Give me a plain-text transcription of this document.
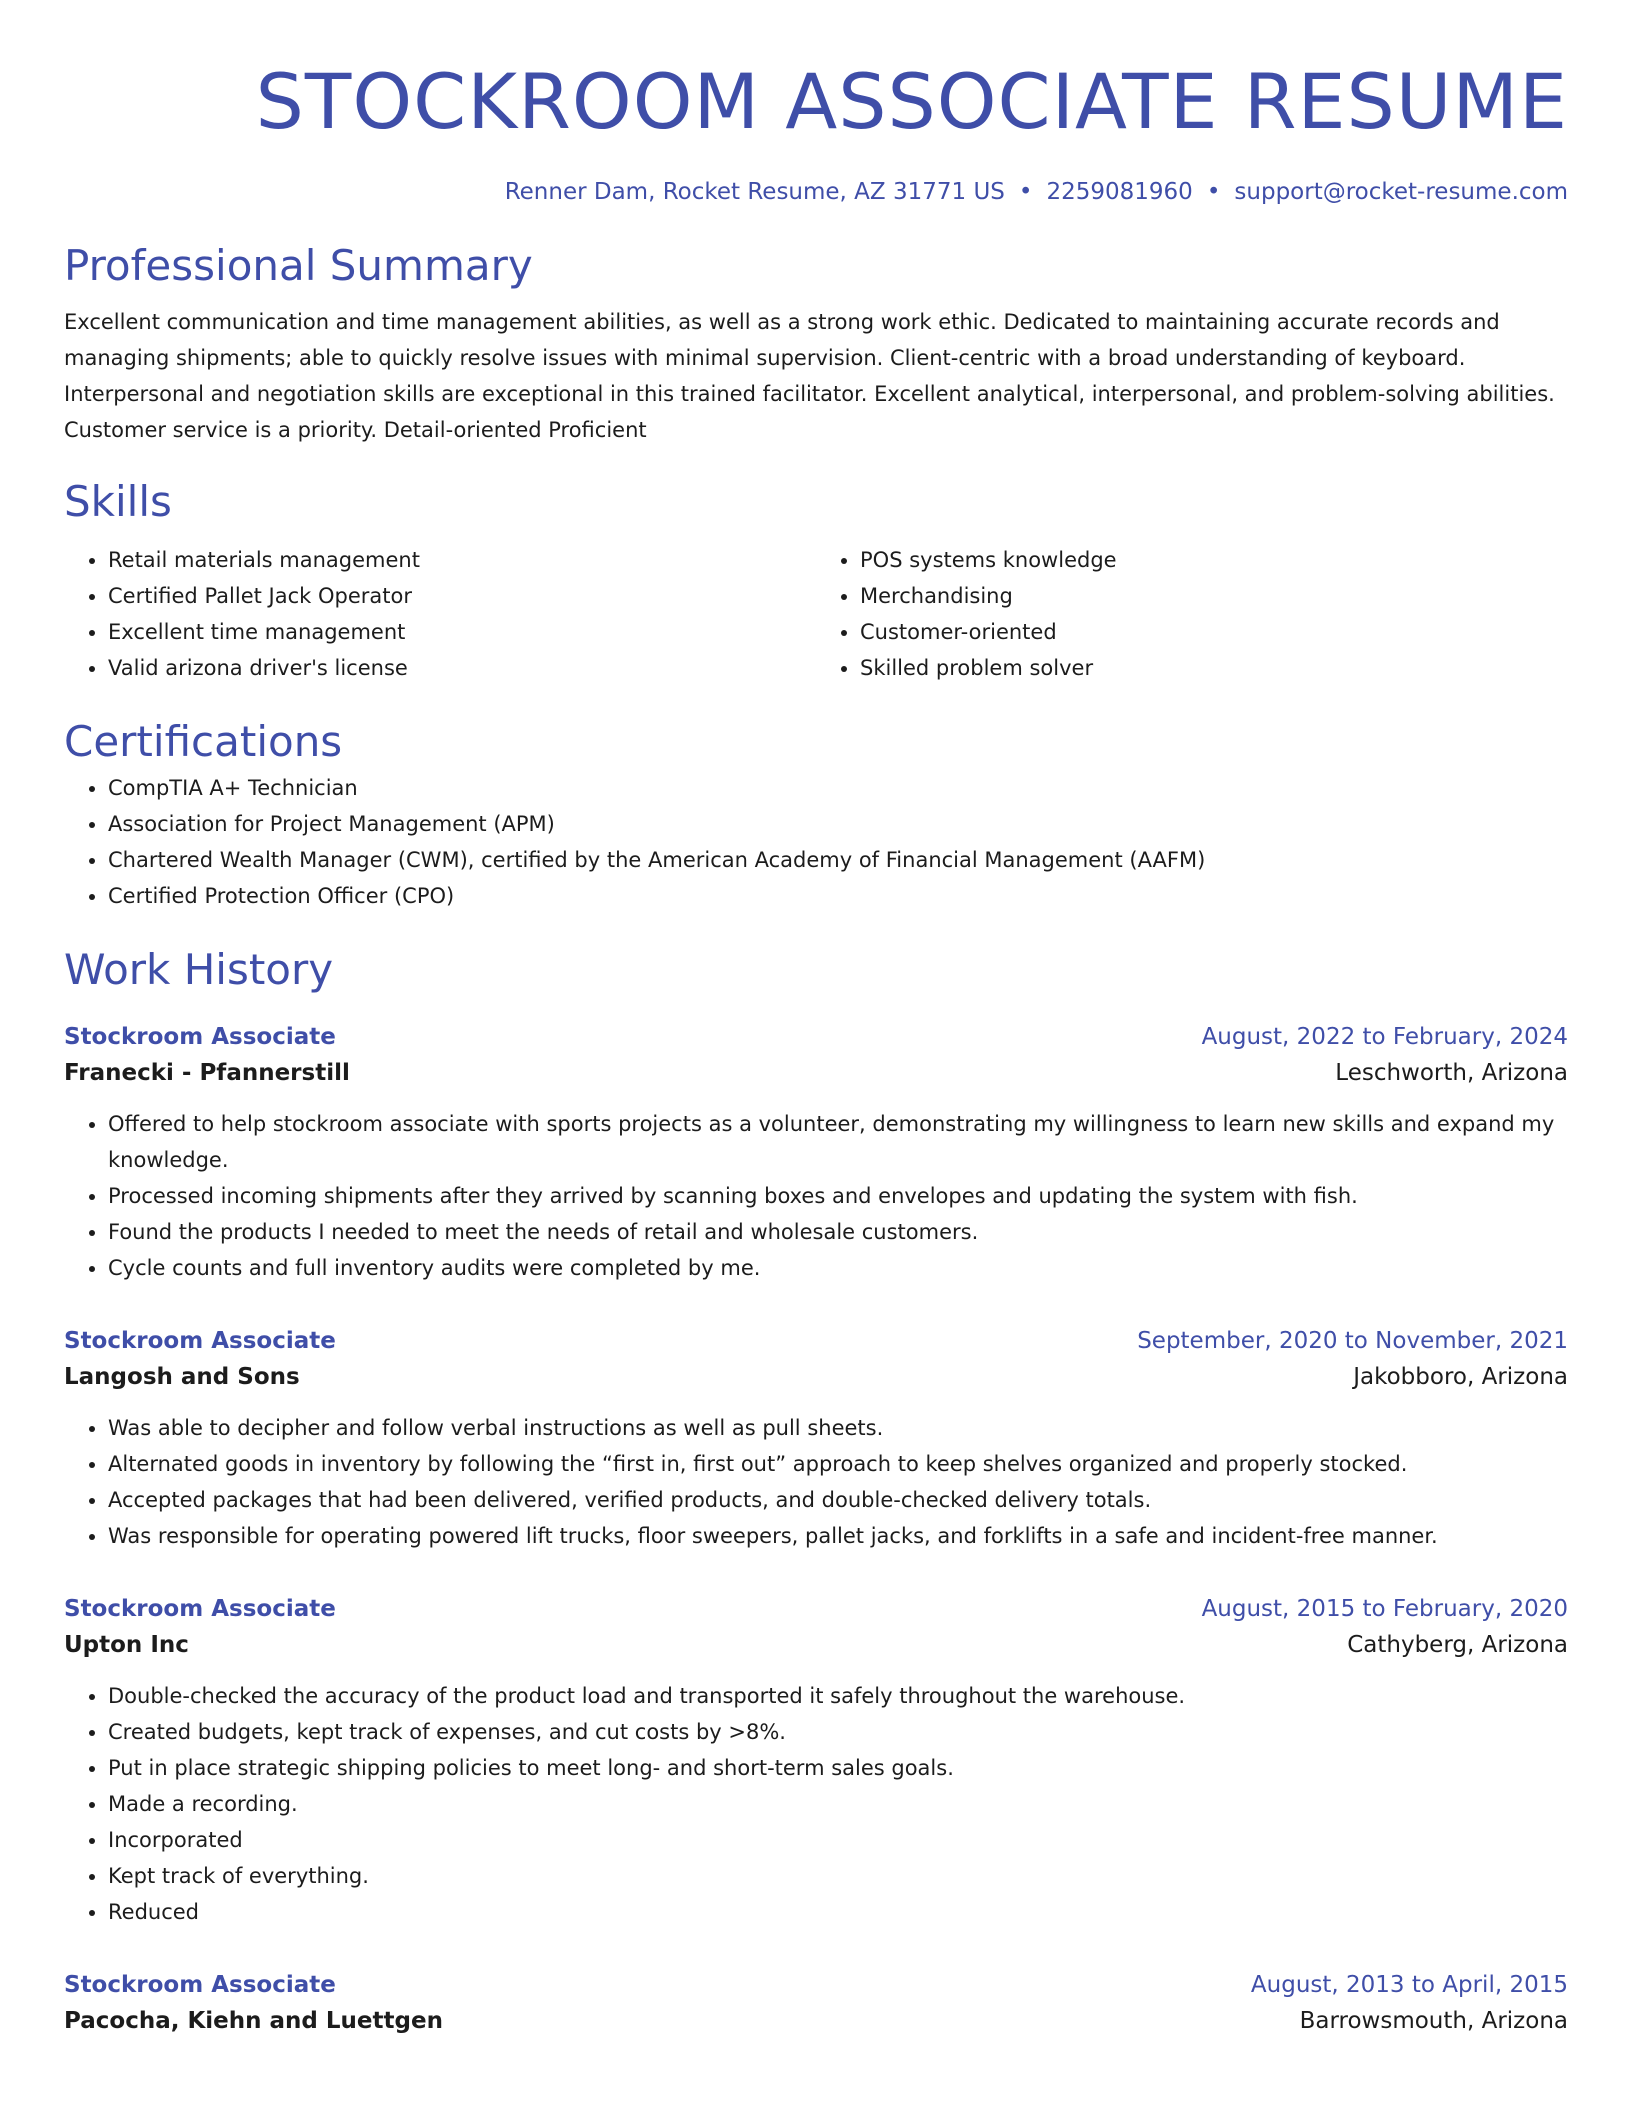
STOCKROOM ASSOCIATE RESUME
Renner Dam, Rocket Resume, AZ 31771 US • 2259081960 • support@rocket-resume.com
Professional Summary

Excellent communication and time management abilities, as well as a strong work ethic. Dedicated to maintaining accurate records and managing shipments; able to quickly resolve issues with minimal supervision. Client-centric with a broad understanding of keyboard. Interpersonal and negotiation skills are exceptional in this trained facilitator. Excellent analytical, interpersonal, and problem-solving abilities. Customer service is a priority. Detail-oriented Proficient

Skills
• Retail materials management
• Certified Pallet Jack Operator
• Excellent time management
• Valid arizona driver's license
• POS systems knowledge
• Merchandising
• Customer-oriented
• Skilled problem solver
Certifications
• CompTIA A+ Technician
• Association for Project Management (APM)
• Chartered Wealth Manager (CWM), certified by the American Academy of Financial Management (AAFM)
• Certified Protection Officer (CPO)
Work History
Stockroom Associate	August, 2022 to February, 2024
Franecki - Pfannerstill	Leschworth, Arizona
• Offered to help stockroom associate with sports projects as a volunteer, demonstrating my willingness to learn new skills and expand my knowledge.
• Processed incoming shipments after they arrived by scanning boxes and envelopes and updating the system with fish.
• Found the products I needed to meet the needs of retail and wholesale customers.
• Cycle counts and full inventory audits were completed by me.
Stockroom Associate	September, 2020 to November, 2021
Langosh and Sons	Jakobboro, Arizona
• Was able to decipher and follow verbal instructions as well as pull sheets.
• Alternated goods in inventory by following the “first in, first out” approach to keep shelves organized and properly stocked.
• Accepted packages that had been delivered, verified products, and double-checked delivery totals.
• Was responsible for operating powered lift trucks, floor sweepers, pallet jacks, and forklifts in a safe and incident-free manner.
Stockroom Associate	August, 2015 to February, 2020
Upton Inc	Cathyberg, Arizona
• Double-checked the accuracy of the product load and transported it safely throughout the warehouse.
• Created budgets, kept track of expenses, and cut costs by >8%.
• Put in place strategic shipping policies to meet long- and short-term sales goals.
• Made a recording.
• Incorporated
• Kept track of everything.
• Reduced
Stockroom Associate	August, 2013 to April, 2015
Pacocha, Kiehn and Luettgen	Barrowsmouth, Arizona
